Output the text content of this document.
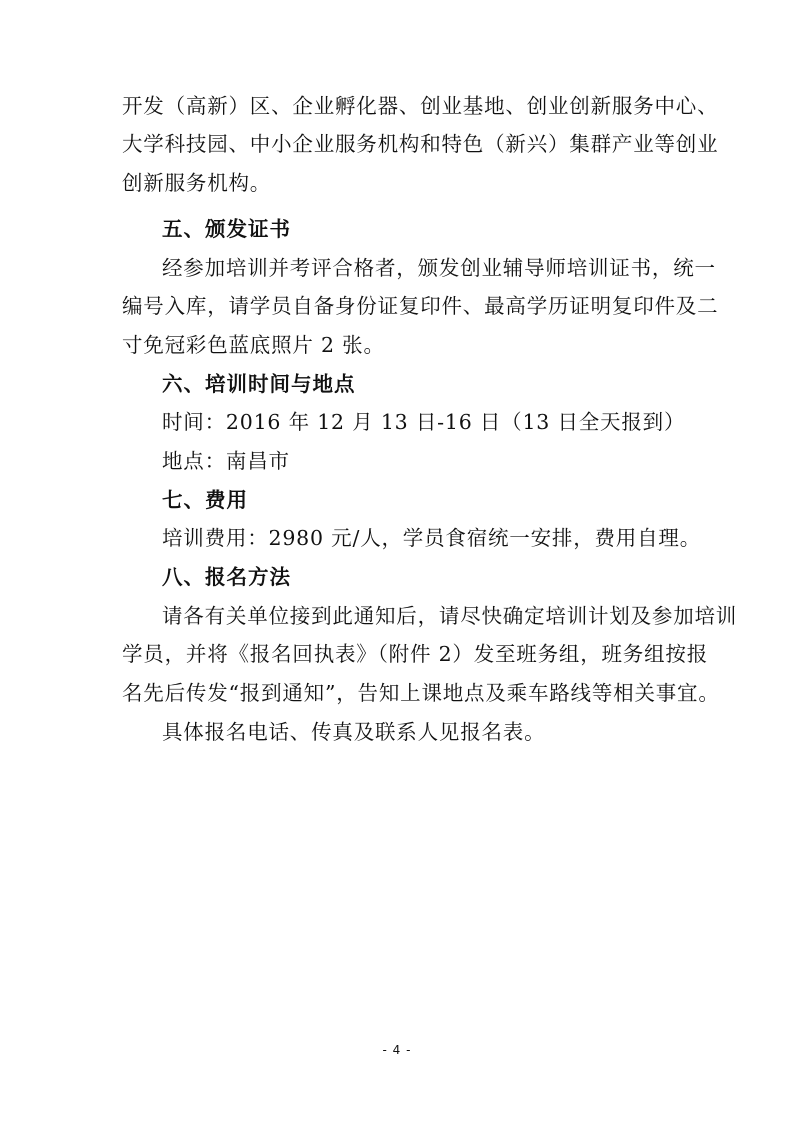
开发（高新）区、企业孵化器、创业基地、创业创新服务中心、
大学科技园、中小企业服务机构和特色（新兴）集群产业等创业
创新服务机构。
五、颁发证书
经参加培训并考评合格者，颁发创业辅导师培训证书，统一
编号入库，请学员自备身份证复印件、最高学历证明复印件及二
寸免冠彩色蓝底照片 2 张。
六、培训时间与地点
时间：2016 年 12 月 13 日-16 日（13 日全天报到）
地点：南昌市
七、费用
培训费用：2980 元/人，学员食宿统一安排，费用自理。
八、报名方法
请各有关单位接到此通知后，请尽快确定培训计划及参加培训
学员，并将《报名回执表》（附件 2）发至班务组，班务组按报
名先后传发“报到通知”，告知上课地点及乘车路线等相关事宜。
具体报名电话、传真及联系人见报名表。
- 4 -
